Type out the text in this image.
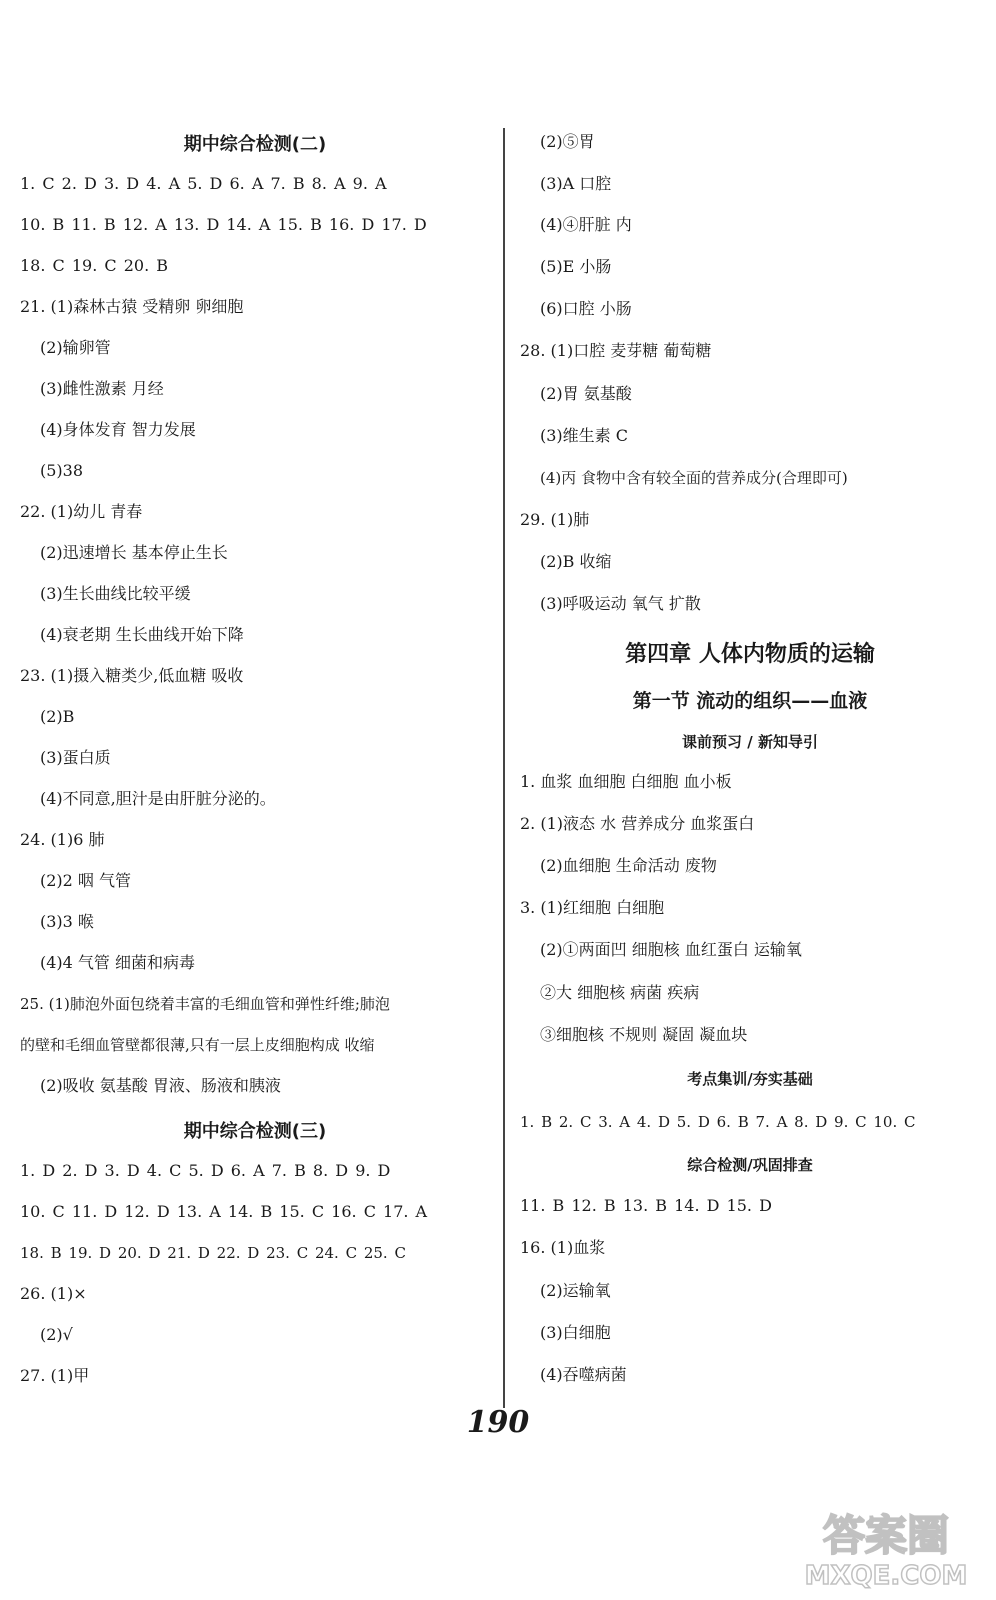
期中综合检测(二)
1. C 2. D 3. D 4. A 5. D 6. A 7. B 8. A 9. A
10. B 11. B 12. A 13. D 14. A 15. B 16. D 17. D
18. C 19. C 20. B
21. (1)森林古猿 受精卵 卵细胞
(2)输卵管
(3)雌性激素 月经
(4)身体发育 智力发展
(5)38
22. (1)幼儿 青春
(2)迅速增长 基本停止生长
(3)生长曲线比较平缓
(4)衰老期 生长曲线开始下降
23. (1)摄入糖类少,低血糖 吸收
(2)B
(3)蛋白质
(4)不同意,胆汁是由肝脏分泌的。
24. (1)6 肺
(2)2 咽 气管
(3)3 喉
(4)4 气管 细菌和病毒
25. (1)肺泡外面包绕着丰富的毛细血管和弹性纤维;肺泡
的壁和毛细血管壁都很薄,只有一层上皮细胞构成 收缩
(2)吸收 氨基酸 胃液、肠液和胰液
期中综合检测(三)
1. D 2. D 3. D 4. C 5. D 6. A 7. B 8. D 9. D
10. C 11. D 12. D 13. A 14. B 15. C 16. C 17. A
18. B 19. D 20. D 21. D 22. D 23. C 24. C 25. C
26. (1)×
(2)√
27. (1)甲
(2)⑤胃
(3)A 口腔
(4)④肝脏 内
(5)E 小肠
(6)口腔 小肠
28. (1)口腔 麦芽糖 葡萄糖
(2)胃 氨基酸
(3)维生素 C
(4)丙 食物中含有较全面的营养成分(合理即可)
29. (1)肺
(2)B 收缩
(3)呼吸运动 氧气 扩散
第四章 人体内物质的运输
第一节 流动的组织——血液
课前预习 / 新知导引
1. 血浆 血细胞 白细胞 血小板
2. (1)液态 水 营养成分 血浆蛋白
(2)血细胞 生命活动 废物
3. (1)红细胞 白细胞
(2)①两面凹 细胞核 血红蛋白 运输氧
②大 细胞核 病菌 疾病
③细胞核 不规则 凝固 凝血块
考点集训/夯实基础
1. B 2. C 3. A 4. D 5. D 6. B 7. A 8. D 9. C 10. C
综合检测/巩固排查
11. B 12. B 13. B 14. D 15. D
16. (1)血浆
(2)运输氧
(3)白细胞
(4)吞噬病菌
190
答案圈
MXQE.COM
